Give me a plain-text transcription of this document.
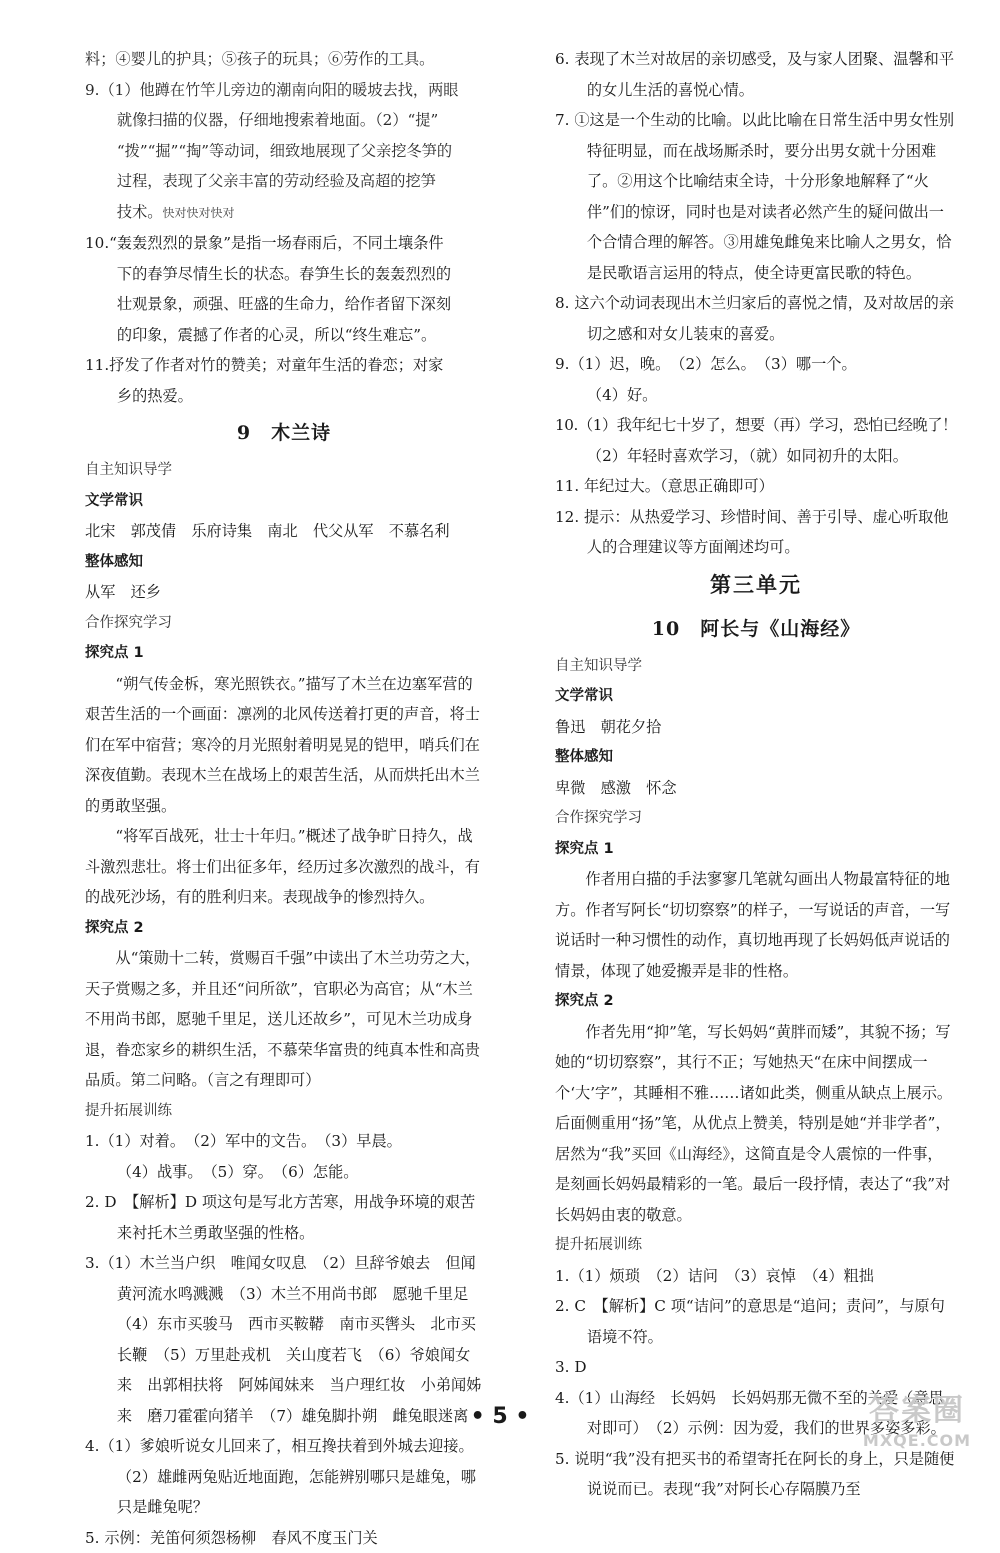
料；④婴儿的护具；⑤孩子的玩具；⑥劳作的工具。

9.（1）他蹲在竹竿儿旁边的潮南向阳的暖坡去找，两眼
就像扫描的仪器，仔细地搜索着地面。（2）“提”
“拨”“掘”“掏”等动词，细致地展现了父亲挖冬笋的
过程，表现了父亲丰富的劳动经验及高超的挖笋
技术。快对快对快对

10.“轰轰烈烈的景象”是指一场春雨后，不同土壤条件
下的春笋尽情生长的状态。春笋生长的轰轰烈烈的
壮观景象，顽强、旺盛的生命力，给作者留下深刻
的印象，震撼了作者的心灵，所以“终生难忘”。

11.抒发了作者对竹的赞美；对童年生活的眷恋；对家
乡的热爱。

9　木兰诗

自主知识导学

文学常识

北宋　郭茂倩　乐府诗集　南北　代父从军　不慕名利

整体感知

从军　还乡

合作探究学习

探究点 1

“朔气传金柝，寒光照铁衣。”描写了木兰在边塞军营的艰苦生活的一个画面：凛冽的北风传送着打更的声音，将士们在军中宿营；寒冷的月光照射着明晃晃的铠甲，哨兵们在深夜值勤。表现木兰在战场上的艰苦生活，从而烘托出木兰的勇敢坚强。

“将军百战死，壮士十年归。”概述了战争旷日持久，战斗激烈悲壮。将士们出征多年，经历过多次激烈的战斗，有的战死沙场，有的胜利归来。表现战争的惨烈持久。

探究点 2

从“策勋十二转，赏赐百千强”中读出了木兰功劳之大，天子赏赐之多，并且还“问所欲”，官职必为高官；从“木兰不用尚书郎，愿驰千里足，送儿还故乡”，可见木兰功成身退，眷恋家乡的耕织生活，不慕荣华富贵的纯真本性和高贵品质。第二问略。（言之有理即可）

提升拓展训练

1.（1）对着。　（2）军中的文告。　（3）早晨。

（4）战事。　（5）穿。　（6）怎能。

2. D　【解析】D 项这句是写北方苦寒，用战争环境的艰苦来衬托木兰勇敢坚强的性格。

3.（1）木兰当户织　唯闻女叹息　（2）旦辞爷娘去　但闻黄河流水鸣溅溅　（3）木兰不用尚书郎　愿驰千里足　（4）东市买骏马　西市买鞍鞯　南市买辔头　北市买长鞭　（5）万里赴戎机　关山度若飞　（6）爷娘闻女来　出郭相扶将　阿姊闻妹来　当户理红妆　小弟闻姊来　磨刀霍霍向猪羊　（7）雄兔脚扑朔　雌兔眼迷离

4.（1）爹娘听说女儿回来了，相互搀扶着到外城去迎接。（2）雄雌两兔贴近地面跑，怎能辨别哪只是雄兔，哪只是雌兔呢？

5. 示例：羌笛何须怨杨柳　春风不度玉门关

6. 表现了木兰对故居的亲切感受，及与家人团聚、温馨和平的女儿生活的喜悦心情。

7. ①这是一个生动的比喻。以此比喻在日常生活中男女性别特征明显，而在战场厮杀时，要分出男女就十分困难了。②用这个比喻结束全诗，十分形象地解释了“火伴”们的惊讶，同时也是对读者必然产生的疑问做出一个合情合理的解答。③用雄兔雌兔来比喻人之男女，恰是民歌语言运用的特点，使全诗更富民歌的特色。

8. 这六个动词表现出木兰归家后的喜悦之情，及对故居的亲切之感和对女儿装束的喜爱。

9.（1）迟，晚。　（2）怎么。　（3）哪一个。

（4）好。

10.（1）我年纪七十岁了，想要（再）学习，恐怕已经晚了！

（2）年轻时喜欢学习，（就）如同初升的太阳。

11. 年纪过大。（意思正确即可）

12. 提示：从热爱学习、珍惜时间、善于引导、虚心听取他人的合理建议等方面阐述均可。

第三单元

10　阿长与《山海经》

自主知识导学

文学常识

鲁迅　朝花夕拾

整体感知

卑微　感激　怀念

合作探究学习

探究点 1

作者用白描的手法寥寥几笔就勾画出人物最富特征的地方。作者写阿长“切切察察”的样子，一写说话的声音，一写说话时一种习惯性的动作，真切地再现了长妈妈低声说话的情景，体现了她爱搬弄是非的性格。

探究点 2

作者先用“抑”笔，写长妈妈“黄胖而矮”，其貌不扬；写她的“切切察察”，其行不正；写她热天“在床中间摆成一个‘大’字”，其睡相不雅……诸如此类，侧重从缺点上展示。后面侧重用“扬”笔，从优点上赞美，特别是她“并非学者”，居然为“我”买回《山海经》，这简直是令人震惊的一件事，是刻画长妈妈最精彩的一笔。最后一段抒情，表达了“我”对长妈妈由衷的敬意。

提升拓展训练

1.（1）烦琐　（2）诘问　（3）哀悼　（4）粗拙

2. C　【解析】C 项“诘问”的意思是“追问；责问”，与原句语境不符。

3. D

4.（1）山海经　长妈妈　长妈妈那无微不至的关爱（意思对即可）　（2）示例：因为爱，我们的世界多姿多彩。

5. 说明“我”没有把买书的希望寄托在阿长的身上，只是随便说说而已。表现“我”对阿长心存隔膜乃至

• 5 •	答案圈
MXQE.COM
